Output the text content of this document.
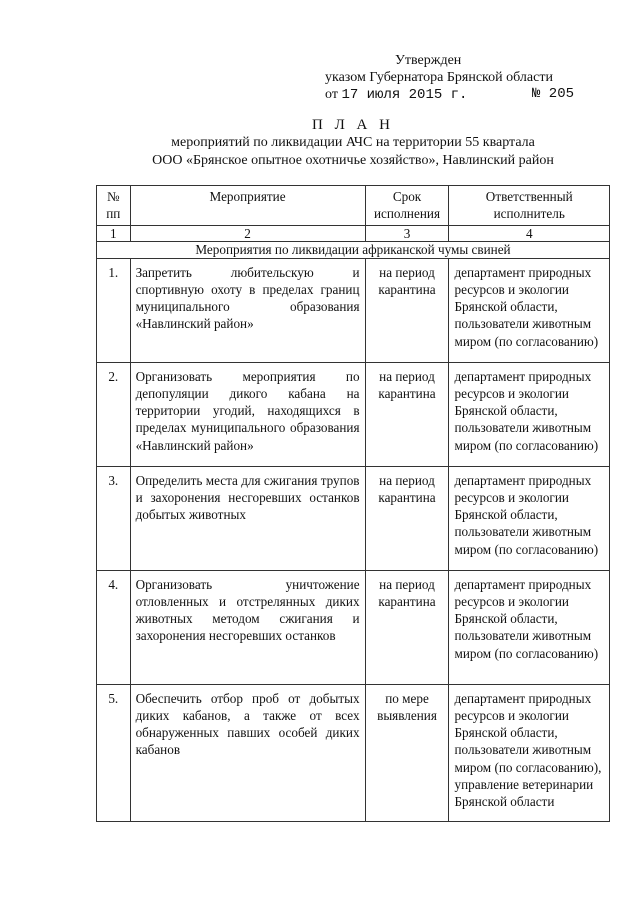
Утвержден
указом Губернатора Брянской области
от 17 июля 2015 г.	№ 205
П Л А Н
мероприятий по ликвидации АЧС на территории 55 квартала
ООО «Брянское опытное охотничье хозяйство», Навлинский район
№ пп	Мероприятие	Срок исполнения	Ответственный исполнитель
1	2	3	4
Мероприятия по ликвидации африканской чумы свиней			
1.	Запретить любительскую и спортивную охоту в пределах границ муниципального образования «Навлинский район»	на период карантина	департамент природных ресурсов и экологии Брянской области, пользователи животным миром (по согласованию)
2.	Организовать мероприятия по депопуляции дикого кабана на территории угодий, находящихся в пределах муниципального образования «Навлинский район»	на период карантина	департамент природных ресурсов и экологии Брянской области, пользователи животным миром (по согласованию)
3.	Определить места для сжигания трупов и захоронения несгоревших останков добытых животных	на период карантина	департамент природных ресурсов и экологии Брянской области, пользователи животным миром (по согласованию)
4.	Организовать уничтожение отловленных и отстрелянных диких животных методом сжигания и захоронения несгоревших останков	на период карантина	департамент природных ресурсов и экологии Брянской области, пользователи животным миром (по согласованию)
5.	Обеспечить отбор проб от добытых диких кабанов, а также от всех обнаруженных павших особей диких кабанов	по мере выявления	департамент природных ресурсов и экологии Брянской области, пользователи животным миром (по согласованию), управление ветеринарии Брянской области
